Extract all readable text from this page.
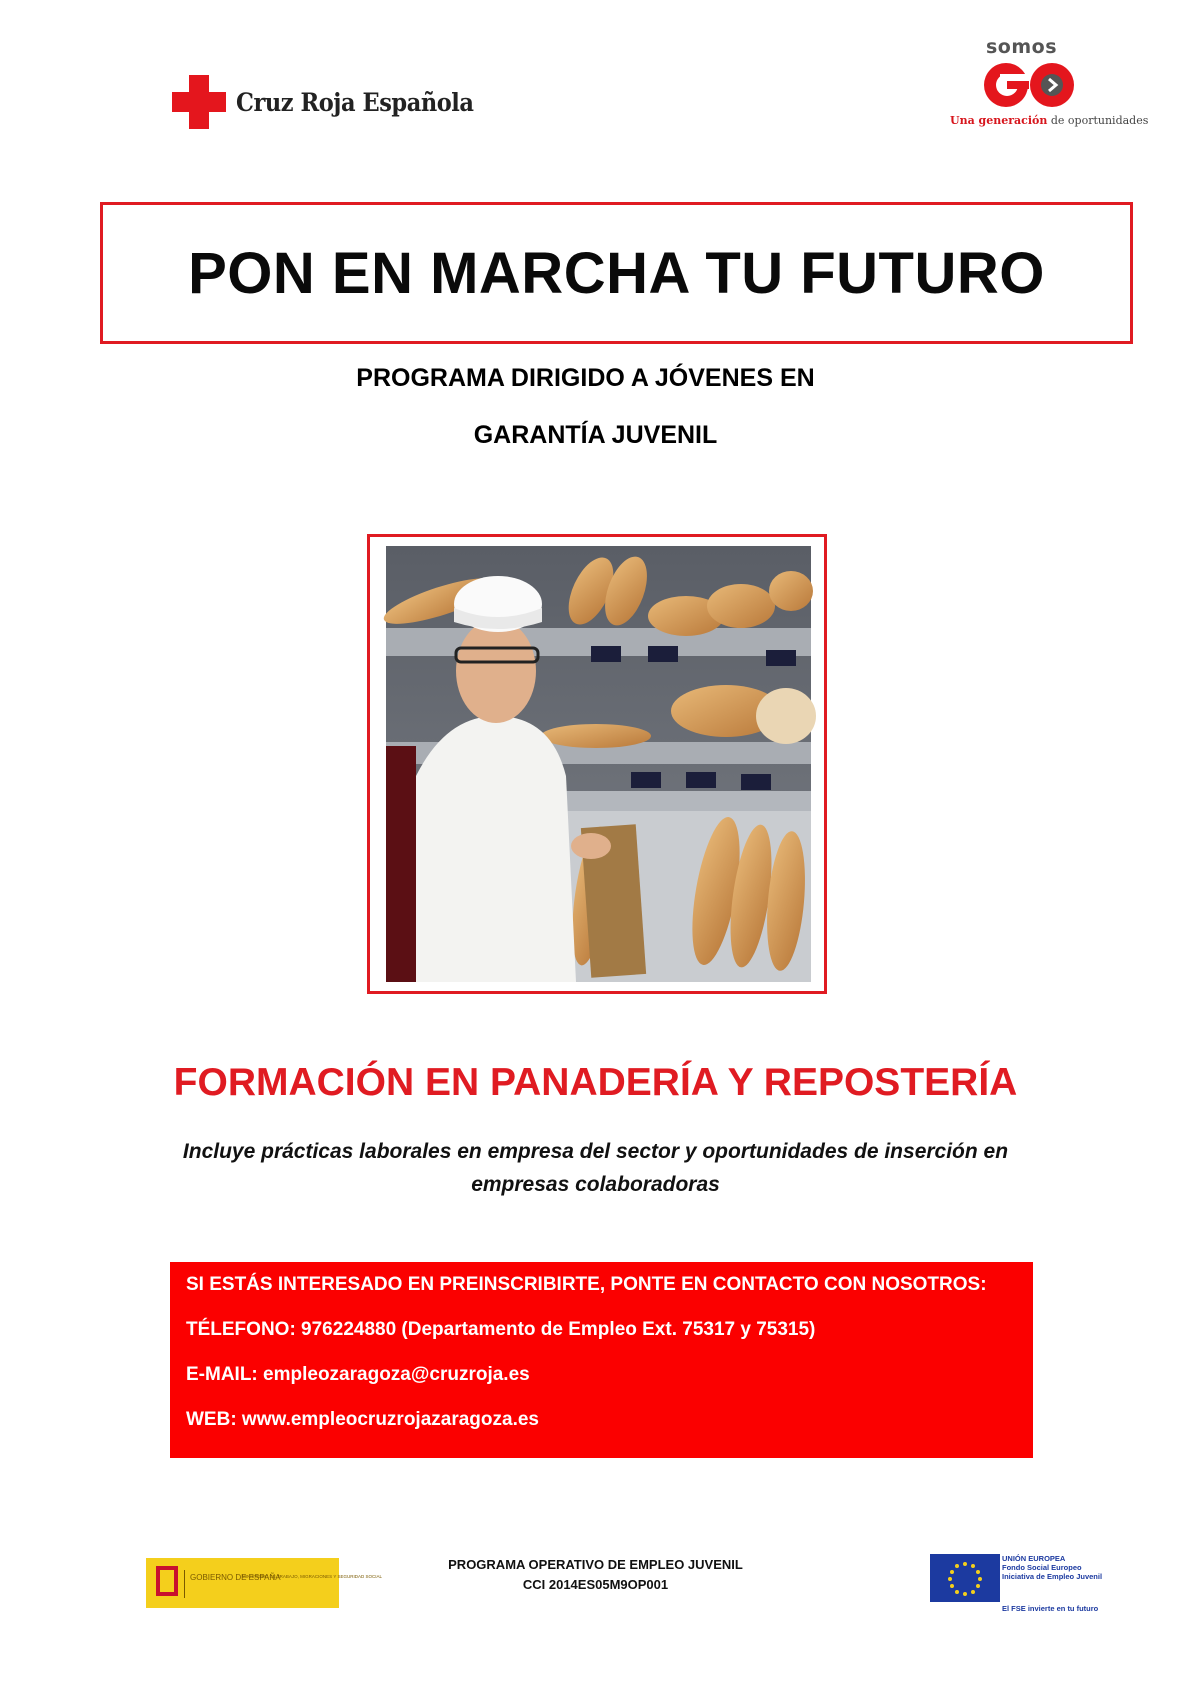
Cruz Roja Española
somos
GO
Una generación de oportunidades
PON EN MARCHA TU FUTURO
PROGRAMA DIRIGIDO A JÓVENES EN
GARANTÍA JUVENIL
FORMACIÓN EN PANADERÍA Y REPOSTERÍA
Incluye prácticas laborales en empresa del sector y oportunidades de inserción en empresas colaboradoras
SI ESTÁS INTERESADO EN PREINSCRIBIRTE, PONTE EN CONTACTO CON NOSOTROS:
TÉLEFONO: 976224880 (Departamento de Empleo Ext. 75317 y 75315)
E-MAIL: empleozaragoza@cruzroja.es
WEB: www.empleocruzrojazaragoza.es
GOBIERNO DE ESPAÑA
MINISTERIO DE TRABAJO, MIGRACIONES Y SEGURIDAD SOCIAL
PROGRAMA OPERATIVO DE EMPLEO JUVENIL
CCI 2014ES05M9OP001
UNIÓN EUROPEA
Fondo Social Europeo
Iniciativa de Empleo Juvenil
El FSE invierte en tu futuro
